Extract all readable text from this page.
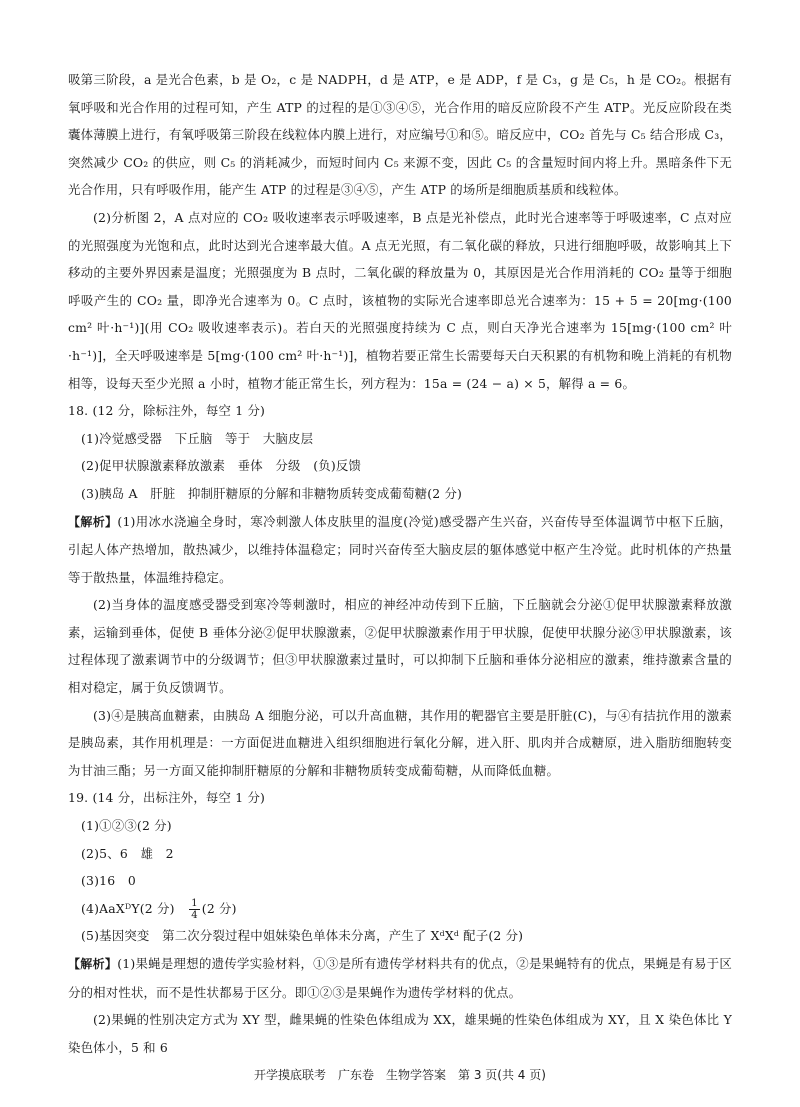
吸第三阶段，a 是光合色素，b 是 O₂，c 是 NADPH，d 是 ATP，e 是 ADP，f 是 C₃，g 是 C₅，h 是 CO₂。根据有氧呼吸和光合作用的过程可知，产生 ATP 的过程的是①③④⑤，光合作用的暗反应阶段不产生 ATP。光反应阶段在类囊体薄膜上进行，有氧呼吸第三阶段在线粒体内膜上进行，对应编号①和⑤。暗反应中，CO₂ 首先与 C₅ 结合形成 C₃，突然减少 CO₂ 的供应，则 C₅ 的消耗减少，而短时间内 C₅ 来源不变，因此 C₅ 的含量短时间内将上升。黑暗条件下无光合作用，只有呼吸作用，能产生 ATP 的过程是③④⑤，产生 ATP 的场所是细胞质基质和线粒体。

(2)分析图 2，A 点对应的 CO₂ 吸收速率表示呼吸速率，B 点是光补偿点，此时光合速率等于呼吸速率，C 点对应的光照强度为光饱和点，此时达到光合速率最大值。A 点无光照，有二氧化碳的释放，只进行细胞呼吸，故影响其上下移动的主要外界因素是温度；光照强度为 B 点时，二氧化碳的释放量为 0，其原因是光合作用消耗的 CO₂ 量等于细胞呼吸产生的 CO₂ 量，即净光合速率为 0。C 点时，该植物的实际光合速率即总光合速率为：15 + 5 = 20[mg·(100 cm² 叶·h⁻¹)](用 CO₂ 吸收速率表示)。若白天的光照强度持续为 C 点，则白天净光合速率为 15[mg·(100 cm² 叶·h⁻¹)]，全天呼吸速率是 5[mg·(100 cm² 叶·h⁻¹)]，植物若要正常生长需要每天白天积累的有机物和晚上消耗的有机物相等，设每天至少光照 a 小时，植物才能正常生长，列方程为：15a = (24 − a) × 5，解得 a = 6。

18. (12 分，除标注外，每空 1 分)

(1)冷觉感受器　下丘脑　等于　大脑皮层

(2)促甲状腺激素释放激素　垂体　分级　(负)反馈

(3)胰岛 A　肝脏　抑制肝糖原的分解和非糖物质转变成葡萄糖(2 分)

【解析】(1)用冰水浇遍全身时，寒冷刺激人体皮肤里的温度(冷觉)感受器产生兴奋，兴奋传导至体温调节中枢下丘脑，引起人体产热增加，散热减少，以维持体温稳定；同时兴奋传至大脑皮层的躯体感觉中枢产生冷觉。此时机体的产热量等于散热量，体温维持稳定。

(2)当身体的温度感受器受到寒冷等刺激时，相应的神经冲动传到下丘脑，下丘脑就会分泌①促甲状腺激素释放激素，运输到垂体，促使 B 垂体分泌②促甲状腺激素，②促甲状腺激素作用于甲状腺，促使甲状腺分泌③甲状腺激素，该过程体现了激素调节中的分级调节；但③甲状腺激素过量时，可以抑制下丘脑和垂体分泌相应的激素，维持激素含量的相对稳定，属于负反馈调节。

(3)④是胰高血糖素，由胰岛 A 细胞分泌，可以升高血糖，其作用的靶器官主要是肝脏(C)，与④有拮抗作用的激素是胰岛素，其作用机理是：一方面促进血糖进入组织细胞进行氧化分解，进入肝、肌肉并合成糖原，进入脂肪细胞转变为甘油三酯；另一方面又能抑制肝糖原的分解和非糖物质转变成葡萄糖，从而降低血糖。

19. (14 分，出标注外，每空 1 分)

(1)①②③(2 分)

(2)5、6　雄　2

(3)16　0

(4)AaXᴰY(2 分)　 $\frac{1}{4} (2$ 分)

(5)基因突变　第二次分裂过程中姐妹染色单体未分离，产生了 XᵈXᵈ 配子(2 分)

【解析】(1)果蝇是理想的遗传学实验材料，①③是所有遗传学材料共有的优点，②是果蝇特有的优点，果蝇是有易于区分的相对性状，而不是性状都易于区分。即①②③是果蝇作为遗传学材料的优点。

(2)果蝇的性别决定方式为 XY 型，雌果蝇的性染色体组成为 XX，雄果蝇的性染色体组成为 XY，且 X 染色体比 Y 染色体小，5 和 6

开学摸底联考　广东卷　生物学答案　第 3 页(共 4 页)
